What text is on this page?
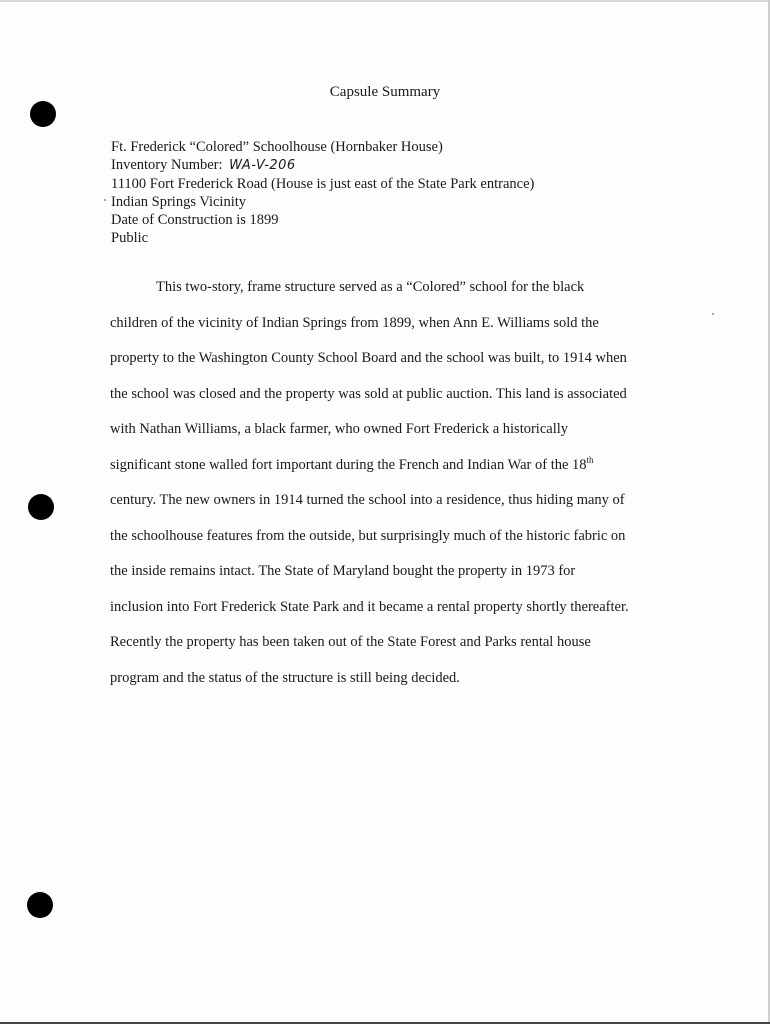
Capsule Summary
Ft. Frederick “Colored” Schoolhouse (Hornbaker House)
Inventory Number: WA-V-206
11100 Fort Frederick Road (House is just east of the State Park entrance)
Indian Springs Vicinity
Date of Construction is 1899
Public
This two-story, frame structure served as a “Colored” school for the black
children of the vicinity of Indian Springs from 1899, when Ann E. Williams sold the
property to the Washington County School Board and the school was built, to 1914 when
the school was closed and the property was sold at public auction. This land is associated
with Nathan Williams, a black farmer, who owned Fort Frederick a historically
significant stone walled fort important during the French and Indian War of the 18th
century. The new owners in 1914 turned the school into a residence, thus hiding many of
the schoolhouse features from the outside, but surprisingly much of the historic fabric on
the inside remains intact. The State of Maryland bought the property in 1973 for
inclusion into Fort Frederick State Park and it became a rental property shortly thereafter.
Recently the property has been taken out of the State Forest and Parks rental house
program and the status of the structure is still being decided.
